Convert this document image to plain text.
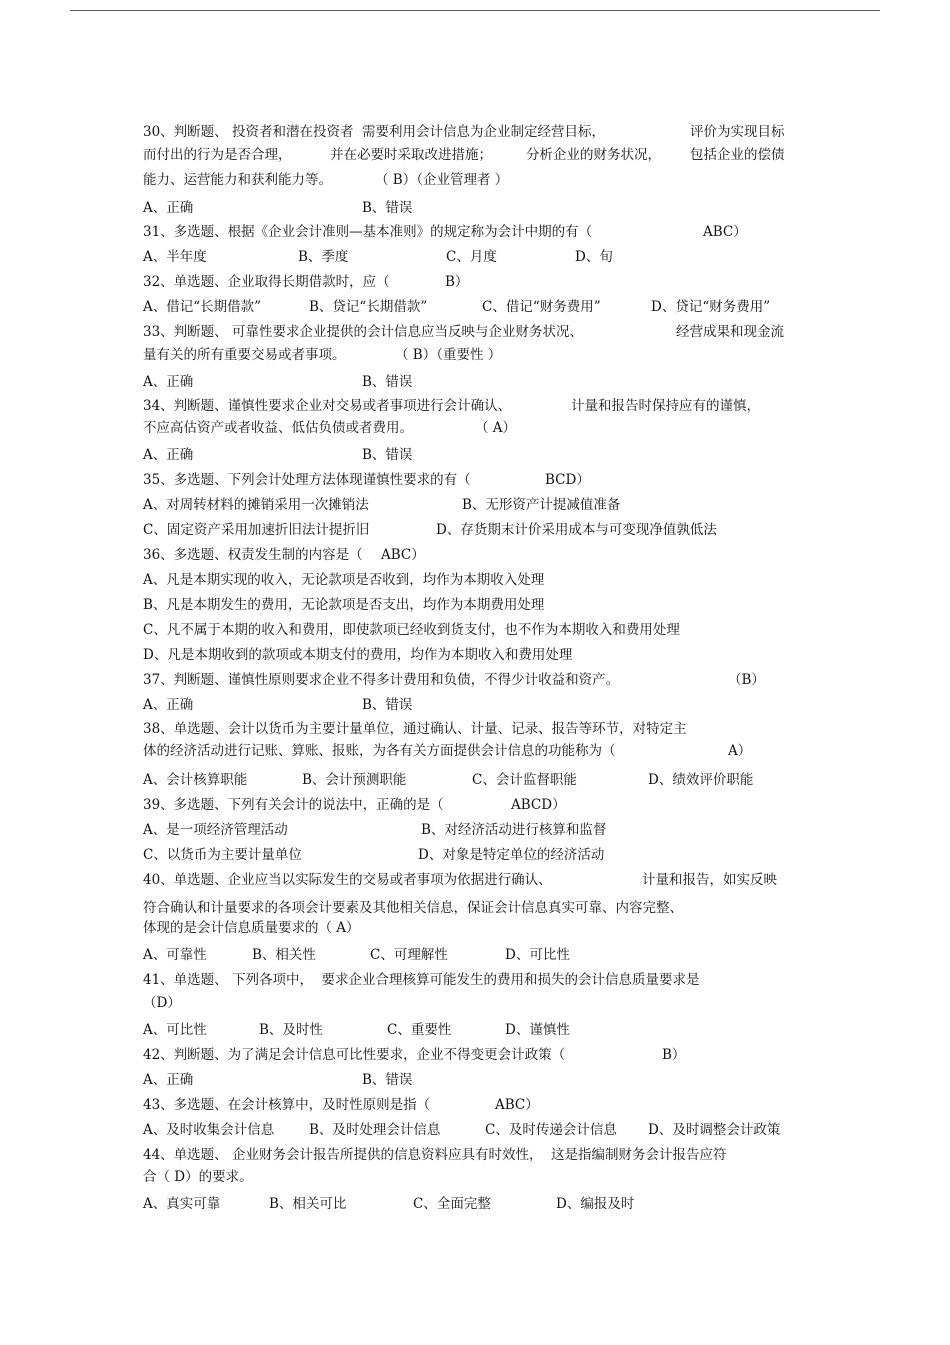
30、判断题、 投资者和潜在投资者  需要利用会计信息为企业制定经营目标，	评价为实现目标
而付出的行为是否合理，	并在必要时采取改进措施；	分析企业的财务状况， 包括企业的偿债
能力、运营能力和获利能力等。	（ B）（企业管理者 ）
A、正确	B、错误
31、多选题、根据《企业会计准则—基本准则》的规定称为会计中期的有（	ABC）
A、半年度	B、季度	C、月度	D、旬
32、单选题、企业取得长期借款时，应（	B）
A、借记“长期借款”	B、贷记“长期借款”	C、借记“财务费用”	D、贷记“财务费用”
33、判断题、 可靠性要求企业提供的会计信息应当反映与企业财务状况、	经营成果和现金流
量有关的所有重要交易或者事项。	（ B）（重要性 ）
A、正确	B、错误
34、判断题、谨慎性要求企业对交易或者事项进行会计确认、	计量和报告时保持应有的谨慎，
不应高估资产或者收益、低估负债或者费用。	（ A）
A、正确	B、错误
35、多选题、下列会计处理方法体现谨慎性要求的有（	BCD）
A、对周转材料的摊销采用一次摊销法	B、无形资产计提减值准备
C、固定资产采用加速折旧法计提折旧	D、存货期末计价采用成本与可变现净值孰低法
36、多选题、权责发生制的内容是（ ABC）
A、凡是本期实现的收入，无论款项是否收到，均作为本期收入处理
B、凡是本期发生的费用，无论款项是否支出，均作为本期费用处理
C、凡不属于本期的收入和费用，即使款项已经收到货支付，也不作为本期收入和费用处理
D、凡是本期收到的款项或本期支付的费用，均作为本期收入和费用处理
37、判断题、谨慎性原则要求企业不得多计费用和负债，不得少计收益和资产。	（B）
A、正确	B、错误
38、单选题、会计以货币为主要计量单位，通过确认、计量、记录、报告等环节，对特定主
体的经济活动进行记账、算账、报账，为各有关方面提供会计信息的功能称为（	A）
A、会计核算职能	B、会计预测职能	C、会计监督职能	D、绩效评价职能
39、多选题、下列有关会计的说法中，正确的是（	ABCD）
A、是一项经济管理活动	B、对经济活动进行核算和监督
C、以货币为主要计量单位	D、对象是特定单位的经济活动
40、单选题、企业应当以实际发生的交易或者事项为依据进行确认、	计量和报告，如实反映
符合确认和计量要求的各项会计要素及其他相关信息，保证会计信息真实可靠、内容完整、
体现的是会计信息质量要求的（ A）
A、可靠性	B、相关性	C、可理解性	D、可比性
41、单选题、 下列各项中，  要求企业合理核算可能发生的费用和损失的会计信息质量要求是
（D）
A、可比性	B、及时性	C、重要性	D、谨慎性
42、判断题、为了满足会计信息可比性要求，企业不得变更会计政策（	B）
A、正确	B、错误
43、多选题、在会计核算中，及时性原则是指（	ABC）
A、及时收集会计信息	B、及时处理会计信息	C、及时传递会计信息 D、及时调整会计政策
44、单选题、 企业财务会计报告所提供的信息资料应具有时效性，  这是指编制财务会计报告应符
合（ D）的要求。
A、真实可靠	B、相关可比	C、全面完整	D、编报及时
